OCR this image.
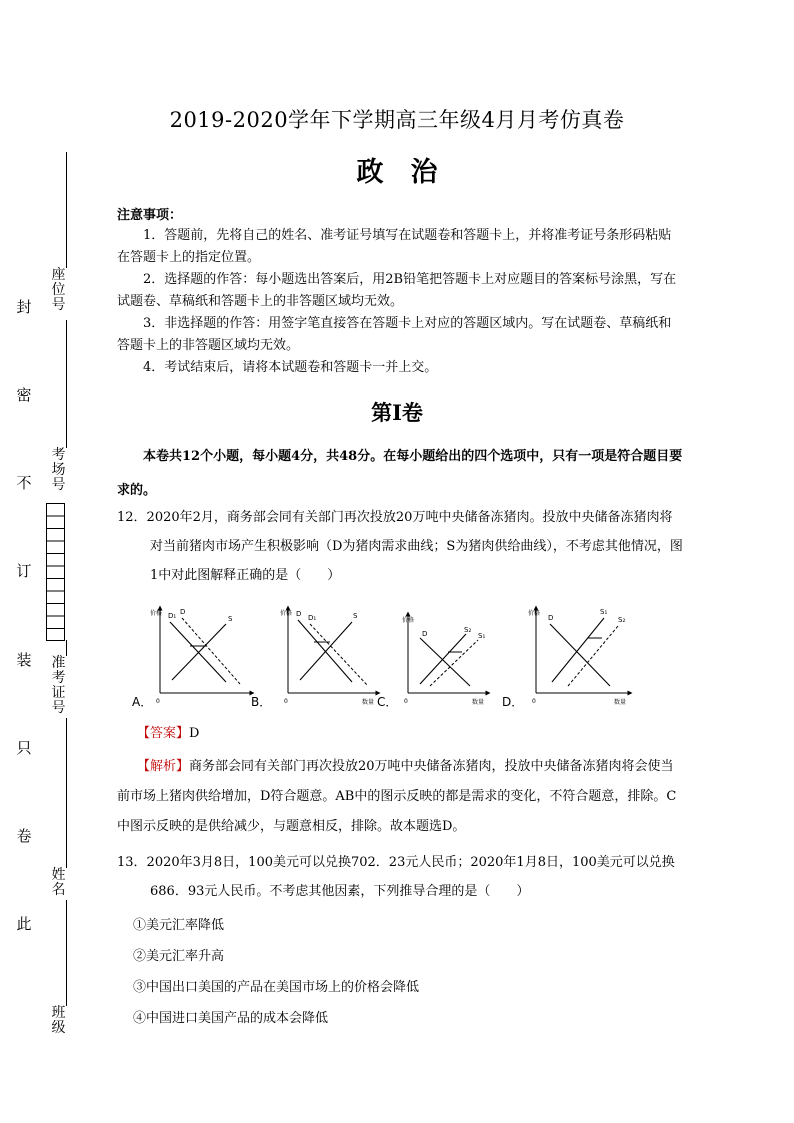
封
密
不
订
装
只
卷
此
座位号
考场号
准考证号
姓名
班级
2019-2020学年下学期高三年级4月月考仿真卷
政　治
注意事项：

1．答题前，先将自己的姓名、准考证号填写在试题卷和答题卡上，并将准考证号条形码粘贴在答题卡上的指定位置。

2．选择题的作答：每小题选出答案后，用2B铅笔把答题卡上对应题目的答案标号涂黑，写在试题卷、草稿纸和答题卡上的非答题区域均无效。

3．非选择题的作答：用签字笔直接答在答题卡上对应的答题区域内。写在试题卷、草稿纸和答题卡上的非答题区域均无效。

4．考试结束后，请将本试题卷和答题卡一并上交。

第Ⅰ卷
本卷共12个小题，每小题4分，共48分。在每小题给出的四个选项中，只有一项是符合题目要求的。
12．2020年2月，商务部会同有关部门再次投放20万吨中央储备冻猪肉。投放中央储备冻猪肉将对当前猪肉市场产生积极影响（D为猪肉需求曲线；S为猪肉供给曲线），不考虑其他情况，图1中对此图解释正确的是（　　）
价格
0
D₁ D
S
A．
价格
0	数量
D D₁	S
B．
价格
0	数量
D	S₂
S₁
C．
价格
0	数量
D
S₁
S₂
D．
【答案】D
【解析】商务部会同有关部门再次投放20万吨中央储备冻猪肉，投放中央储备冻猪肉将会使当前市场上猪肉供给增加，D符合题意。AB中的图示反映的都是需求的变化，不符合题意，排除。C中图示反映的是供给减少，与题意相反，排除。故本题选D。
13．2020年3月8日，100美元可以兑换702．23元人民币；2020年1月8日，100美元可以兑换686．93元人民币。不考虑其他因素，下列推导合理的是（　　）
①美元汇率降低
②美元汇率升高
③中国出口美国的产品在美国市场上的价格会降低
④中国进口美国产品的成本会降低
